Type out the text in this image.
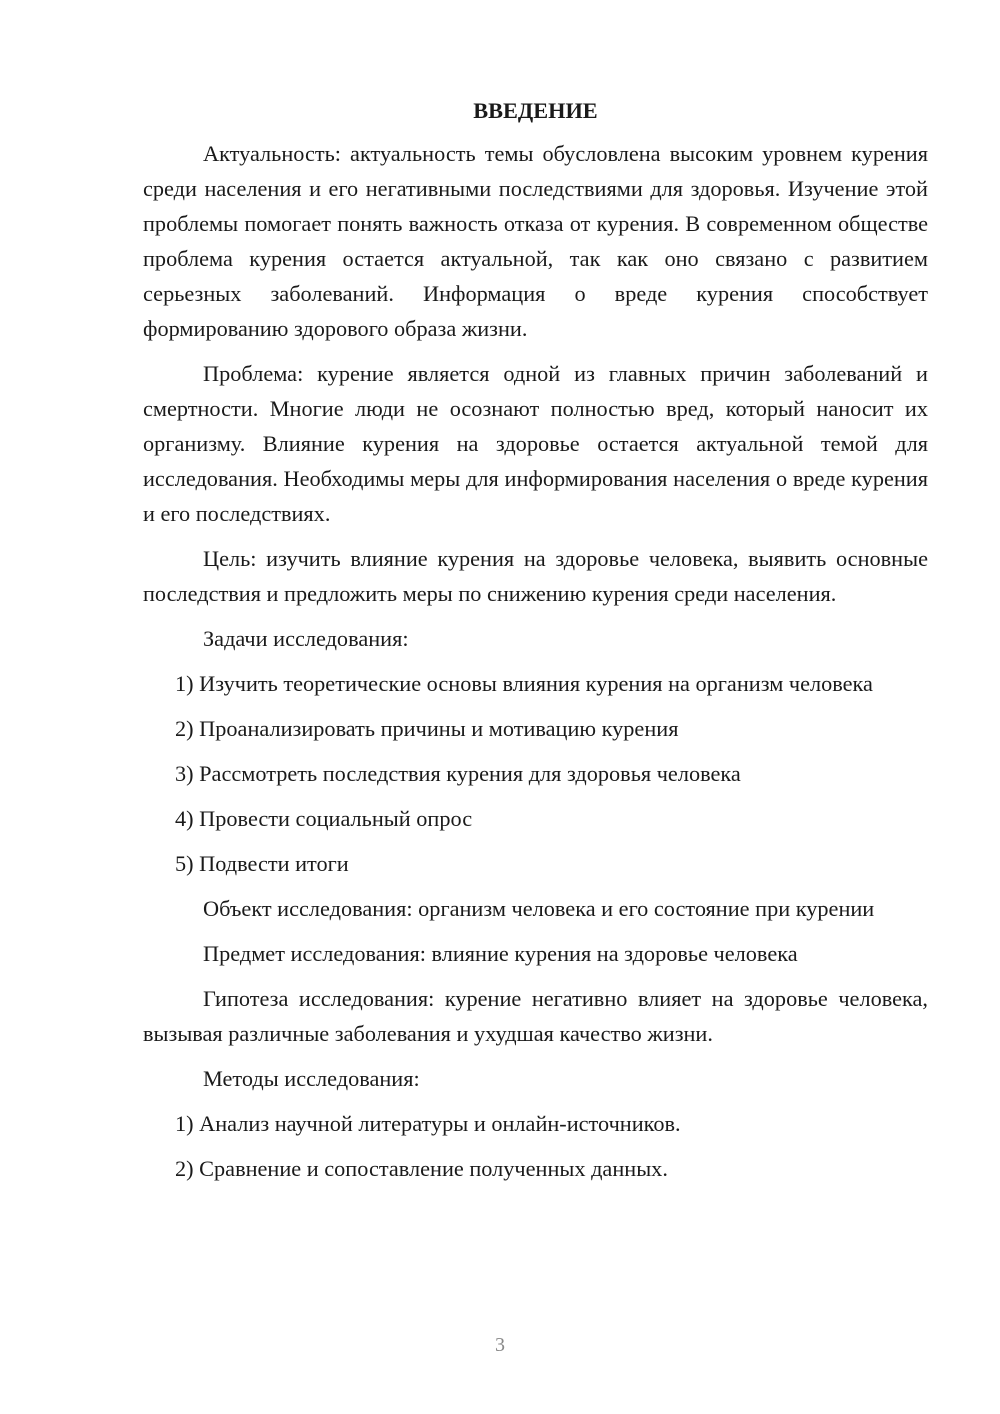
ВВЕДЕНИЕ

Актуальность: актуальность темы обусловлена высоким уровнем курения среди населения и его негативными последствиями для здоровья. Изучение этой проблемы помогает понять важность отказа от курения. В современном обществе проблема курения остается актуальной, так как оно связано с развитием серьезных заболеваний. Информация о вреде курения способствует формированию здорового образа жизни.

Проблема: курение является одной из главных причин заболеваний и смертности. Многие люди не осознают полностью вред, который наносит их организму. Влияние курения на здоровье остается актуальной темой для исследования. Необходимы меры для информирования населения о вреде курения и его последствиях.

Цель: изучить влияние курения на здоровье человека, выявить основные последствия и предложить меры по снижению курения среди населения.

Задачи исследования:

1) Изучить теоретические основы влияния курения на организм человека

2) Проанализировать причины и мотивацию курения

3) Рассмотреть последствия курения для здоровья человека

4) Провести социальный опрос

5) Подвести итоги

Объект исследования: организм человека и его состояние при курении

Предмет исследования: влияние курения на здоровье человека

Гипотеза исследования: курение негативно влияет на здоровье человека, вызывая различные заболевания и ухудшая качество жизни.

Методы исследования:

1) Анализ научной литературы и онлайн-источников.

2) Сравнение и сопоставление полученных данных.

3
